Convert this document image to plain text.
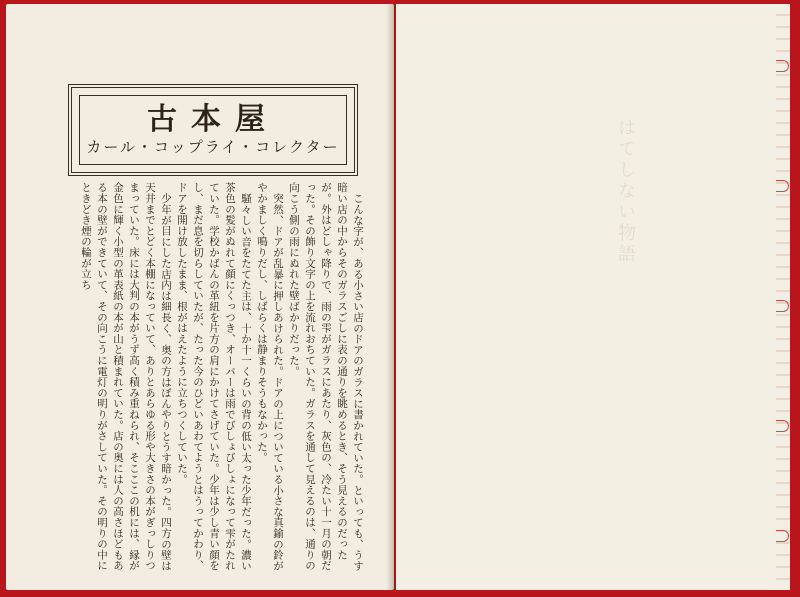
古本屋
カール・コップライ・コレクター

こんな字が、ある小さい店のドアのガラスに書かれていた。といっても、うす暗い店の中からそのガラスごしに表の通りを眺めるとき、そう見えるのだったが。外はどしゃ降りで、雨の雫がガラスにあたり、灰色の、冷たい十一月の朝だった。その飾り文字の上を流れおちていた。ガラスを通して見えるのは、通りの向こう側の雨にぬれた壁ばかりだった。

突然、ドアが乱暴に押しあけられた。ドアの上についている小さな真鍮の鈴がやかましく鳴りだし、しばらくは静まりそうもなかった。

騒々しい音をたてた主は、十か十一くらいの背の低い太った少年だった。濃い茶色の髪がぬれて顔にくっつき、オーバーは雨でびしょびしょになって雫がたれていた。学校かばんの革紐を片方の肩にかけてさげていた。少年は少し青い顔をし、まだ息を切らしていたが、たった今のひどいあわてようとはうってかわり、ドアを開け放したまま、根がはえたように立ちつくしていた。

少年が目にした店内は細長く、奥の方はぼんやりとうす暗かった。四方の壁は天井までとどく本棚になっていて、ありとあらゆる形や大きさの本がぎっしりつまっていた。床には大判の本がうず高く積み重ねられ、そこここの机には、縁が金色に輝く小型の革表紙の本が山と積まれていた。店の奥には人の高さほどもある本の壁ができていて、その向こうに電灯の明りがさしていた。その明りの中にときどき煙の輪が立ち	はてしない物語
